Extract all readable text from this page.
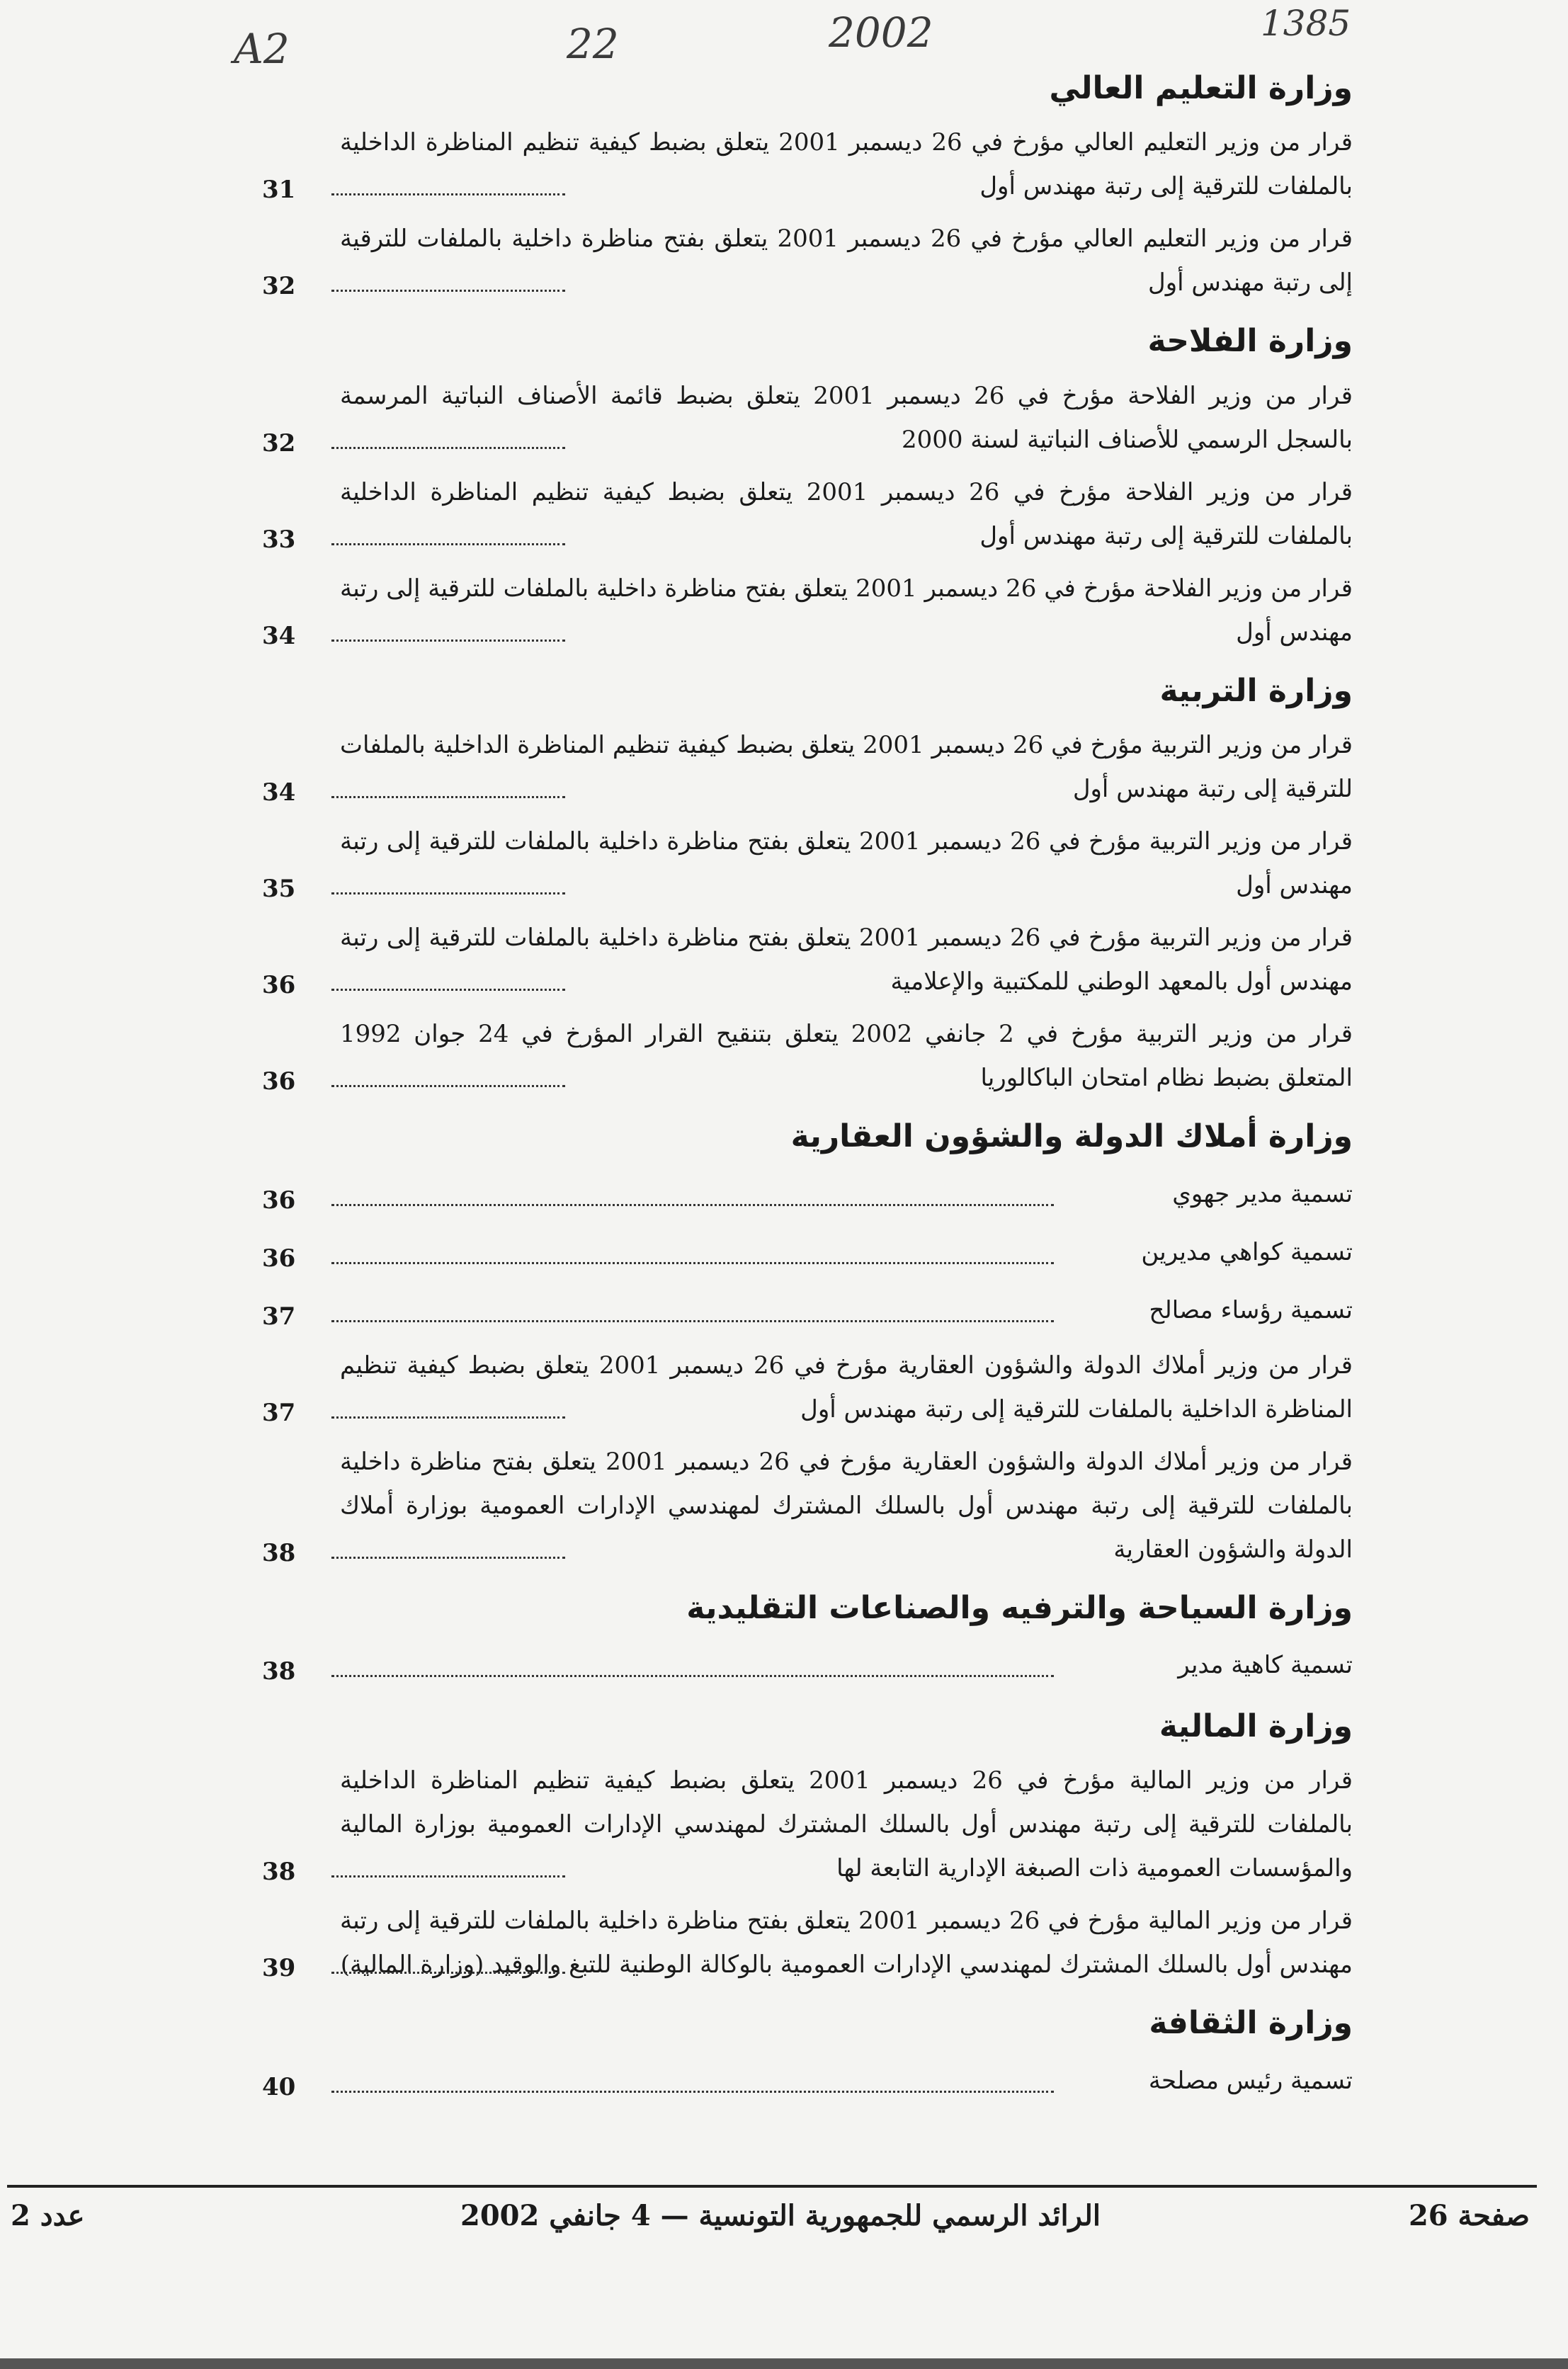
A2	22	2002	1385
وزارة التعليم العالي
قرار من وزير التعليم العالي مؤرخ في 26 ديسمبر 2001 يتعلق بضبط كيفية تنظيم المناظرة الداخلية بالملفات للترقية إلى رتبة مهندس أول
31
قرار من وزير التعليم العالي مؤرخ في 26 ديسمبر 2001 يتعلق بفتح مناظرة داخلية بالملفات للترقية إلى رتبة مهندس أول
32
وزارة الفلاحة
قرار من وزير الفلاحة مؤرخ في 26 ديسمبر 2001 يتعلق بضبط قائمة الأصناف النباتية المرسمة بالسجل الرسمي للأصناف النباتية لسنة 2000
32
قرار من وزير الفلاحة مؤرخ في 26 ديسمبر 2001 يتعلق بضبط كيفية تنظيم المناظرة الداخلية بالملفات للترقية إلى رتبة مهندس أول
33
قرار من وزير الفلاحة مؤرخ في 26 ديسمبر 2001 يتعلق بفتح مناظرة داخلية بالملفات للترقية إلى رتبة مهندس أول
34
وزارة التربية
قرار من وزير التربية مؤرخ في 26 ديسمبر 2001 يتعلق بضبط كيفية تنظيم المناظرة الداخلية بالملفات للترقية إلى رتبة مهندس أول
34
قرار من وزير التربية مؤرخ في 26 ديسمبر 2001 يتعلق بفتح مناظرة داخلية بالملفات للترقية إلى رتبة مهندس أول
35
قرار من وزير التربية مؤرخ في 26 ديسمبر 2001 يتعلق بفتح مناظرة داخلية بالملفات للترقية إلى رتبة مهندس أول بالمعهد الوطني للمكتبية والإعلامية
36
قرار من وزير التربية مؤرخ في 2 جانفي 2002 يتعلق بتنقيح القرار المؤرخ في 24 جوان 1992 المتعلق بضبط نظام امتحان الباكالوريا
36
وزارة أملاك الدولة والشؤون العقارية
تسمية مدير جهوي
36
تسمية كواهي مديرين
36
تسمية رؤساء مصالح
37
قرار من وزير أملاك الدولة والشؤون العقارية مؤرخ في 26 ديسمبر 2001 يتعلق بضبط كيفية تنظيم المناظرة الداخلية بالملفات للترقية إلى رتبة مهندس أول
37
قرار من وزير أملاك الدولة والشؤون العقارية مؤرخ في 26 ديسمبر 2001 يتعلق بفتح مناظرة داخلية بالملفات للترقية إلى رتبة مهندس أول بالسلك المشترك لمهندسي الإدارات العمومية بوزارة أملاك الدولة والشؤون العقارية
38
وزارة السياحة والترفيه والصناعات التقليدية
تسمية كاهية مدير
38
وزارة المالية
قرار من وزير المالية مؤرخ في 26 ديسمبر 2001 يتعلق بضبط كيفية تنظيم المناظرة الداخلية بالملفات للترقية إلى رتبة مهندس أول بالسلك المشترك لمهندسي الإدارات العمومية بوزارة المالية والمؤسسات العمومية ذات الصبغة الإدارية التابعة لها
38
قرار من وزير المالية مؤرخ في 26 ديسمبر 2001 يتعلق بفتح مناظرة داخلية بالملفات للترقية إلى رتبة مهندس أول بالسلك المشترك لمهندسي الإدارات العمومية بالوكالة الوطنية للتبغ والوقيد (وزارة المالية)
39
وزارة الثقافة
تسمية رئيس مصلحة
40
صفحة 26
الرائد الرسمي للجمهورية التونسية — 4 جانفي 2002
عدد 2
